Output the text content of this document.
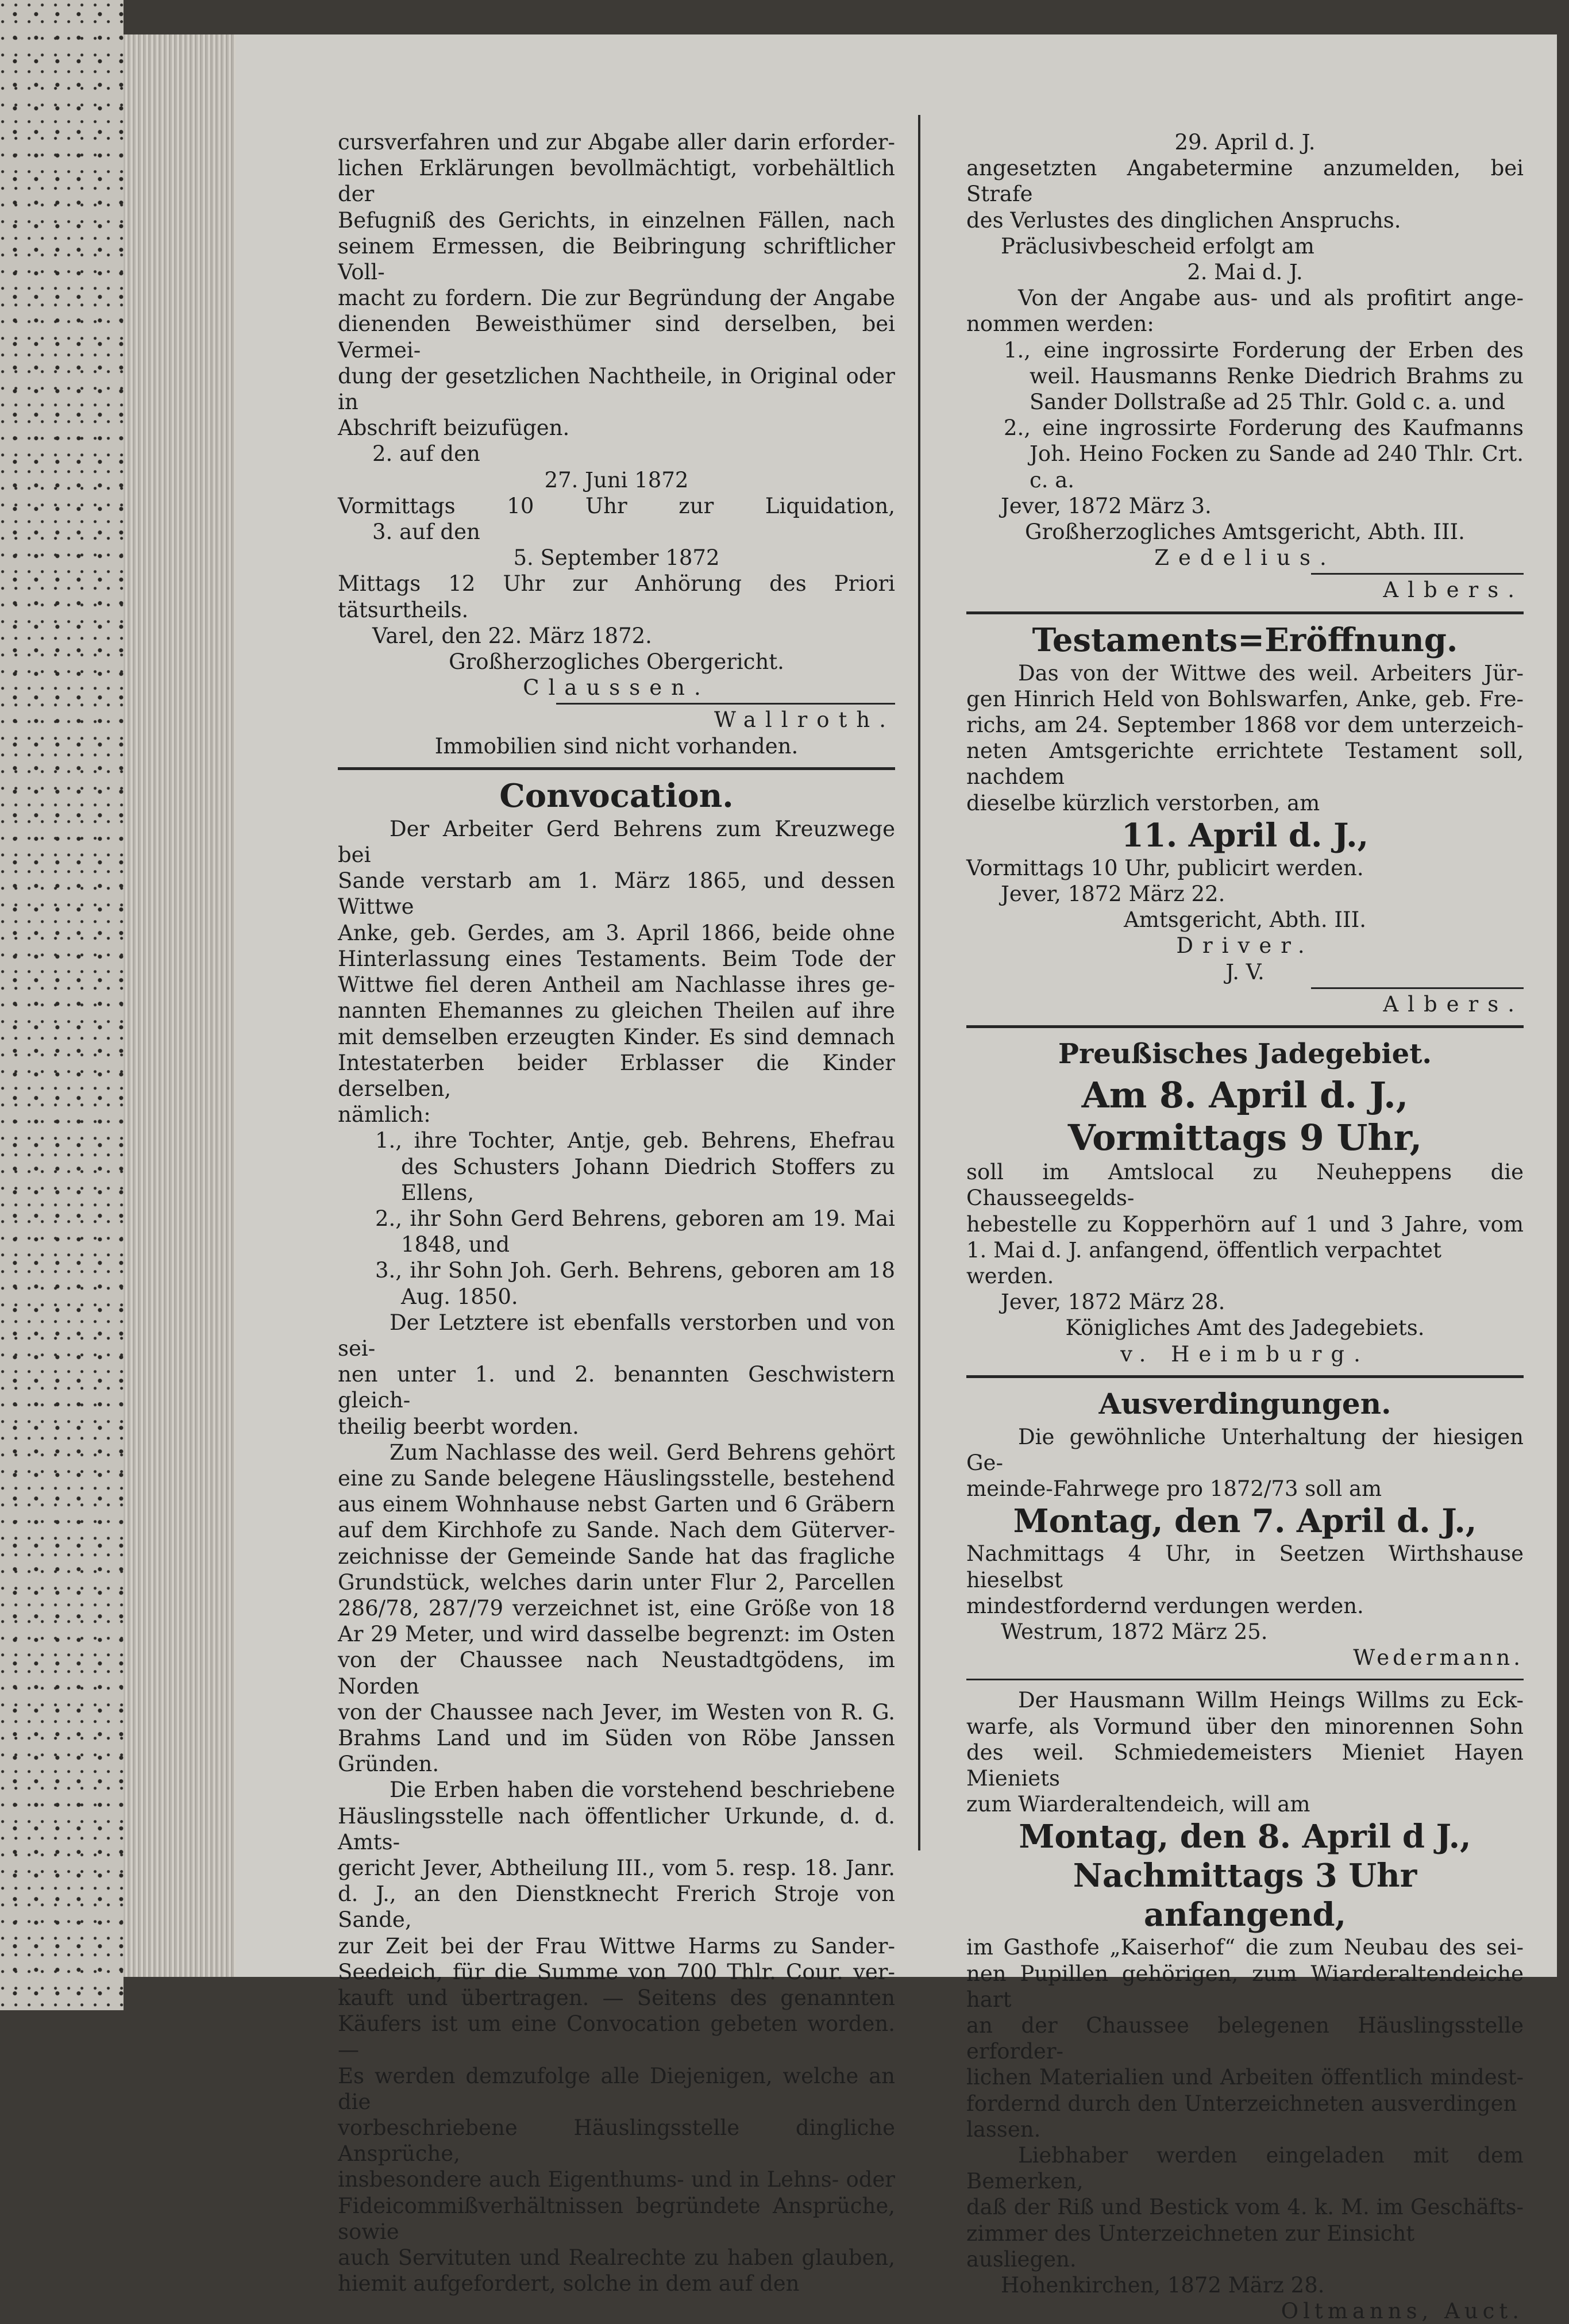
cursverfahren und zur Abgabe aller darin erforder-

lichen Erklärungen bevollmächtigt, vorbehältlich der

Befugniß des Gerichts, in einzelnen Fällen, nach

seinem Ermessen, die Beibringung schriftlicher Voll-

macht zu fordern. Die zur Begründung der Angabe

dienenden Beweisthümer sind derselben, bei Vermei-

dung der gesetzlichen Nachtheile, in Original oder in

Abschrift beizufügen.

2. auf den

27. Juni 1872

Vormittags 10 Uhr zur Liquidation,

3. auf den

5. September 1872

Mittags 12 Uhr zur Anhörung des Priori

tätsurtheils.

Varel, den 22. März 1872.

Großherzogliches Obergericht.

Claussen.

Wallroth.

Immobilien sind nicht vorhanden.

Convocation.

Der Arbeiter Gerd Behrens zum Kreuzwege bei

Sande verstarb am 1. März 1865, und dessen Wittwe

Anke, geb. Gerdes, am 3. April 1866, beide ohne

Hinterlassung eines Testaments. Beim Tode der

Wittwe fiel deren Antheil am Nachlasse ihres ge-

nannten Ehemannes zu gleichen Theilen auf ihre

mit demselben erzeugten Kinder. Es sind demnach

Intestaterben beider Erblasser die Kinder derselben,

nämlich:

1., ihre Tochter, Antje, geb. Behrens, Ehefrau des Schusters Johann Diedrich Stoffers zu Ellens,

2., ihr Sohn Gerd Behrens, geboren am 19. Mai 1848, und

3., ihr Sohn Joh. Gerh. Behrens, geboren am 18 Aug. 1850.

Der Letztere ist ebenfalls verstorben und von sei-

nen unter 1. und 2. benannten Geschwistern gleich-

theilig beerbt worden.

Zum Nachlasse des weil. Gerd Behrens gehört

eine zu Sande belegene Häuslingsstelle, bestehend

aus einem Wohnhause nebst Garten und 6 Gräbern

auf dem Kirchhofe zu Sande. Nach dem Güterver-

zeichnisse der Gemeinde Sande hat das fragliche

Grundstück, welches darin unter Flur 2, Parcellen

286/78, 287/79 verzeichnet ist, eine Größe von 18

Ar 29 Meter, und wird dasselbe begrenzt: im Osten

von der Chaussee nach Neustadtgödens, im Norden

von der Chaussee nach Jever, im Westen von R. G.

Brahms Land und im Süden von Röbe Janssen

Gründen.

Die Erben haben die vorstehend beschriebene

Häuslingsstelle nach öffentlicher Urkunde, d. d. Amts-

gericht Jever, Abtheilung III., vom 5. resp. 18. Janr.

d. J., an den Dienstknecht Frerich Stroje von Sande,

zur Zeit bei der Frau Wittwe Harms zu Sander-

Seedeich, für die Summe von 700 Thlr. Cour. ver-

kauft und übertragen. — Seitens des genannten

Käufers ist um eine Convocation gebeten worden. —

Es werden demzufolge alle Diejenigen, welche an die

vorbeschriebene Häuslingsstelle dingliche Ansprüche,

insbesondere auch Eigenthums- und in Lehns- oder

Fideicommißverhältnissen begründete Ansprüche, sowie

auch Servituten und Realrechte zu haben glauben,

hiemit aufgefordert, solche in dem auf den

29. April d. J.

angesetzten Angabetermine anzumelden, bei Strafe

des Verlustes des dinglichen Anspruchs.

Präclusivbescheid erfolgt am

2. Mai d. J.

Von der Angabe aus- und als profitirt ange-

nommen werden:

1., eine ingrossirte Forderung der Erben des weil. Hausmanns Renke Diedrich Brahms zu Sander Dollstraße ad 25 Thlr. Gold c. a. und

2., eine ingrossirte Forderung des Kaufmanns Joh. Heino Focken zu Sande ad 240 Thlr. Crt. c. a.

Jever, 1872 März 3.

Großherzogliches Amtsgericht, Abth. III.

Zedelius.

Albers.

Testaments=Eröffnung.

Das von der Wittwe des weil. Arbeiters Jür-

gen Hinrich Held von Bohlswarfen, Anke, geb. Fre-

richs, am 24. September 1868 vor dem unterzeich-

neten Amtsgerichte errichtete Testament soll, nachdem

dieselbe kürzlich verstorben, am

11. April d. J.,

Vormittags 10 Uhr, publicirt werden.

Jever, 1872 März 22.

Amtsgericht, Abth. III.

Driver.

J. V.

Albers.

Preußisches Jadegebiet.
Am 8. April d. J.,
Vormittags 9 Uhr,

soll im Amtslocal zu Neuheppens die Chausseegelds-

hebestelle zu Kopperhörn auf 1 und 3 Jahre, vom

1. Mai d. J. anfangend, öffentlich verpachtet werden.

Jever, 1872 März 28.

Königliches Amt des Jadegebiets.

v. Heimburg.

Ausverdingungen.

Die gewöhnliche Unterhaltung der hiesigen Ge-

meinde-Fahrwege pro 1872/73 soll am

Montag, den 7. April d. J.,

Nachmittags 4 Uhr, in Seetzen Wirthshause hieselbst

mindestfordernd verdungen werden.

Westrum, 1872 März 25.

Wedermann.

Der Hausmann Willm Heings Willms zu Eck-

warfe, als Vormund über den minorennen Sohn

des weil. Schmiedemeisters Mieniet Hayen Mieniets

zum Wiarderaltendeich, will am

Montag, den 8. April d J.,
Nachmittags 3 Uhr anfangend,

im Gasthofe „Kaiserhof“ die zum Neubau des sei-

nen Pupillen gehörigen, zum Wiarderaltendeiche hart

an der Chaussee belegenen Häuslingsstelle erforder-

lichen Materialien und Arbeiten öffentlich mindest-

fordernd durch den Unterzeichneten ausverdingen lassen.

Liebhaber werden eingeladen mit dem Bemerken,

daß der Riß und Bestick vom 4. k. M. im Geschäfts-

zimmer des Unterzeichneten zur Einsicht ausliegen.

Hohenkirchen, 1872 März 28.

Oltmanns, Auct.
